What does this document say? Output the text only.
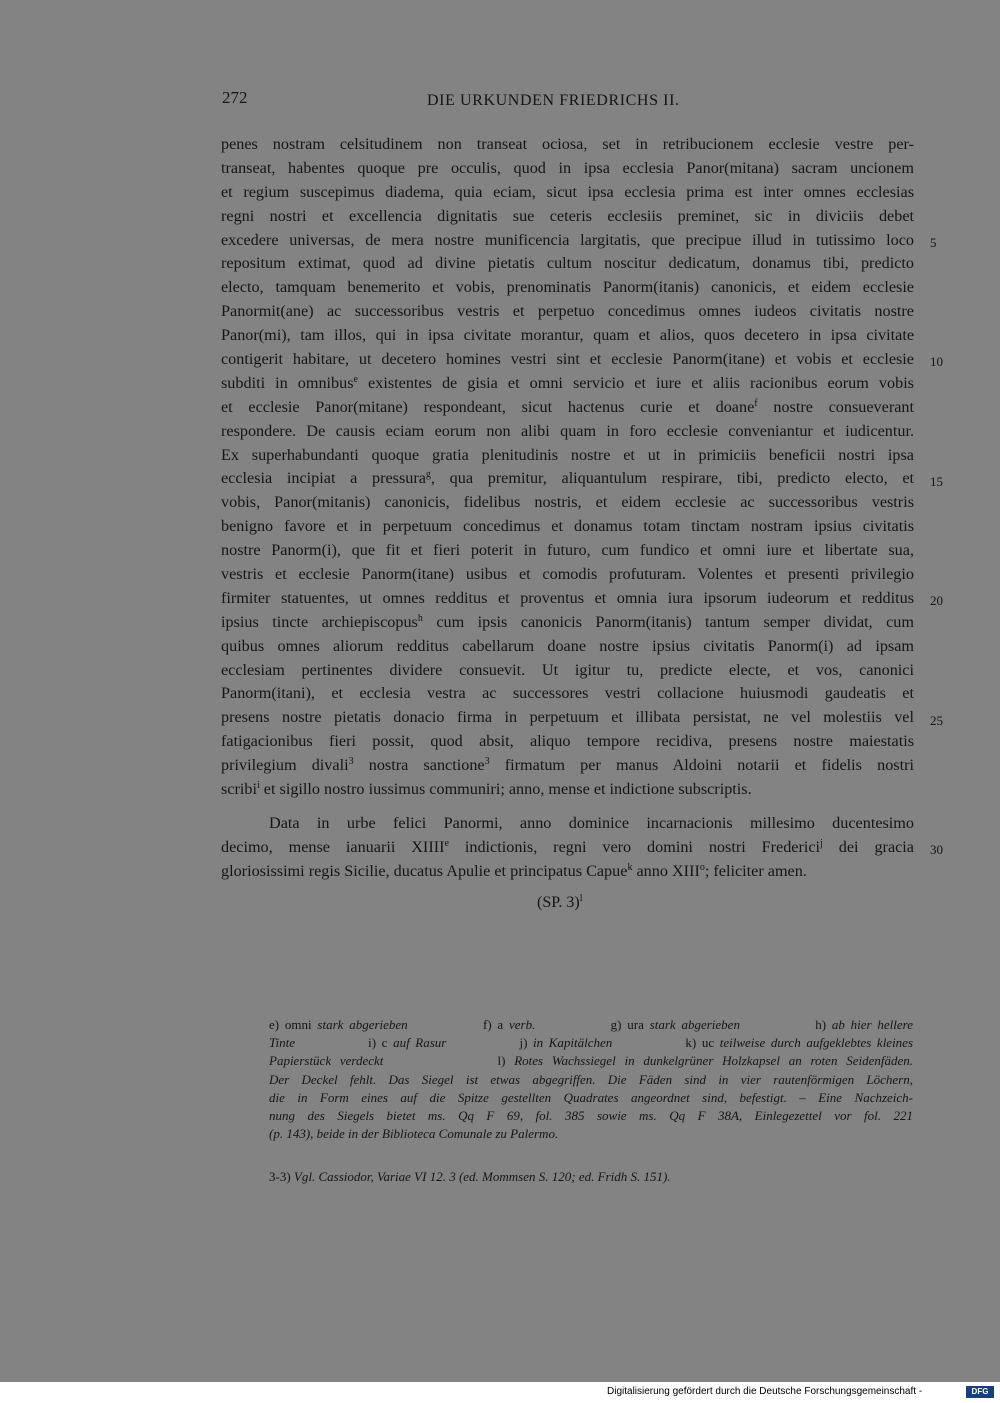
272	DIE URKUNDEN FRIEDRICHS II.
penes nostram celsitudinem non transeat ociosa, set in retribucionem ecclesie vestre per-
transeat, habentes quoque pre occulis, quod in ipsa ecclesia Panor(mitana) sacram uncionem
et regium suscepimus diadema, quia eciam, sicut ipsa ecclesia prima est inter omnes ecclesias
regni nostri et excellencia dignitatis sue ceteris ecclesiis preminet, sic in diviciis debet
excedere universas, de mera nostre munificencia largitatis, que precipue illud in tutissimo loco
repositum extimat, quod ad divine pietatis cultum noscitur dedicatum, donamus tibi, predicto
electo, tamquam benemerito et vobis, prenominatis Panorm(itanis) canonicis, et eidem ecclesie
Panormit(ane) ac successoribus vestris et perpetuo concedimus omnes iudeos civitatis nostre
Panor(mi), tam illos, qui in ipsa civitate morantur, quam et alios, quos decetero in ipsa civitate
contigerit habitare, ut decetero homines vestri sint et ecclesie Panorm(itane) et vobis et ecclesie
subditi in omnibus$^e$ existentes de gisia et omni servicio et iure et aliis racionibus eorum vobis
et ecclesie Panor(mitane) respondeant, sicut hactenus curie et doane$^f$ nostre consueverant
respondere. De causis eciam eorum non alibi quam in foro ecclesie conveniantur et iudicentur.
Ex superhabundanti quoque gratia plenitudinis nostre et ut in primiciis beneficii nostri ipsa
ecclesia incipiat a pressura$^g$, qua premitur, aliquantulum respirare, tibi, predicto electo, et
vobis, Panor(mitanis) canonicis, fidelibus nostris, et eidem ecclesie ac successoribus vestris
benigno favore et in perpetuum concedimus et donamus totam tinctam nostram ipsius civitatis
nostre Panorm(i), que fit et fieri poterit in futuro, cum fundico et omni iure et libertate sua,
vestris et ecclesie Panorm(itane) usibus et comodis profuturam. Volentes et presenti privilegio
firmiter statuentes, ut omnes redditus et proventus et omnia iura ipsorum iudeorum et redditus
ipsius tincte archiepiscopus$^h$ cum ipsis canonicis Panorm(itanis) tantum semper dividat, cum
quibus omnes aliorum redditus cabellarum doane nostre ipsius civitatis Panorm(i) ad ipsam
ecclesiam pertinentes dividere consuevit. Ut igitur tu, predicte electe, et vos, canonici
Panorm(itani), et ecclesia vestra ac successores vestri collacione huiusmodi gaudeatis et
presens nostre pietatis donacio firma in perpetuum et illibata persistat, ne vel molestiis vel
fatigacionibus fieri possit, quod absit, aliquo tempore recidiva, presens nostre maiestatis
privilegium divali$^3$ nostra sanctione$^3$ firmatum per manus Aldoini notarii et fidelis nostri
scribi$^i$ et sigillo nostro iussimus communiri; anno, mense et indictione subscriptis.
Data in urbe felici Panormi, anno dominice incarnacionis millesimo ducentesimo
decimo, mense ianuarii XIIIIe indictionis, regni vero domini nostri Frederici$^j$ dei gracia
gloriosissimi regis Sicilie, ducatus Apulie et principatus Capue$^k$ anno XIII$^o$; feliciter amen.
5
10
15
20
25
30
(SP. 3)$^l$
e) omni stark abgerieben	f) a verb.	g) ura stark abgerieben	h) ab hier hellere
Tinte	i) c auf Rasur	j) in Kapitälchen	k) uc teilweise durch aufgeklebtes kleines
Papierstück verdeckt	l) Rotes Wachssiegel in dunkelgrüner Holzkapsel an roten Seidenfäden.
Der Deckel fehlt. Das Siegel ist etwas abgegriffen. Die Fäden sind in vier rautenförmigen Löchern,
die in Form eines auf die Spitze gestellten Quadrates angeordnet sind, befestigt. – Eine Nachzeich-
nung des Siegels bietet ms. Qq F 69, fol. 385 sowie ms. Qq F 38A, Einlegezettel vor fol. 221
(p. 143), beide in der Biblioteca Comunale zu Palermo.
3-3) Vgl. Cassiodor, Variae VI 12. 3 (ed. Mommsen S. 120; ed. Fridh S. 151).
Digitalisierung gefördert durch die Deutsche Forschungsgemeinschaft -	DFG
